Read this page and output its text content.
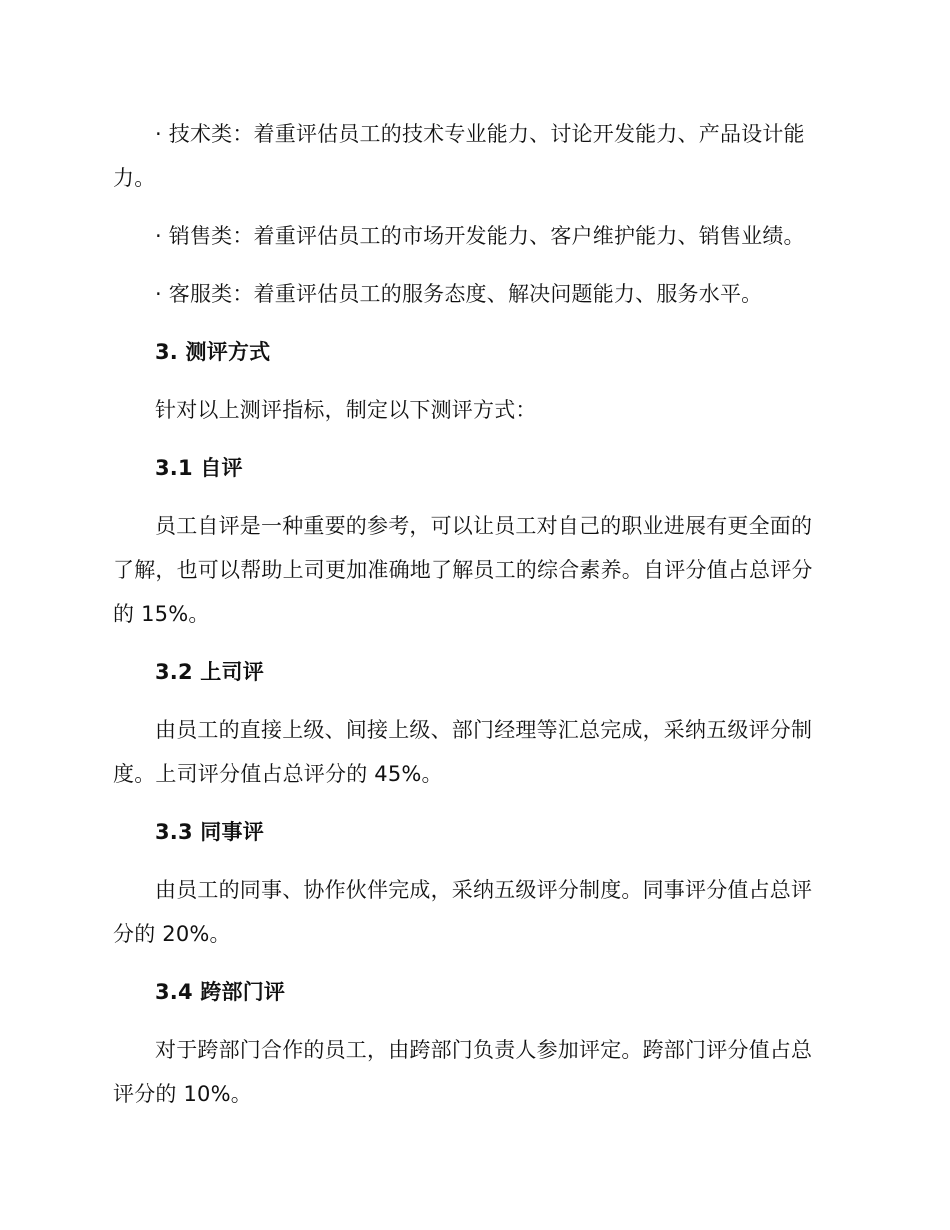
· 技术类：着重评估员工的技术专业能力、讨论开发能力、产品设计能

力。

· 销售类：着重评估员工的市场开发能力、客户维护能力、销售业绩。

· 客服类：着重评估员工的服务态度、解决问题能力、服务水平。

3. 测评方式

针对以上测评指标，制定以下测评方式：

3.1 自评

员工自评是一种重要的参考，可以让员工对自己的职业进展有更全面的

了解，也可以帮助上司更加准确地了解员工的综合素养。自评分值占总评分

的 15%。

3.2 上司评

由员工的直接上级、间接上级、部门经理等汇总完成，采纳五级评分制

度。上司评分值占总评分的 45%。

3.3 同事评

由员工的同事、协作伙伴完成，采纳五级评分制度。同事评分值占总评

分的 20%。

3.4 跨部门评

对于跨部门合作的员工，由跨部门负责人参加评定。跨部门评分值占总

评分的 10%。
